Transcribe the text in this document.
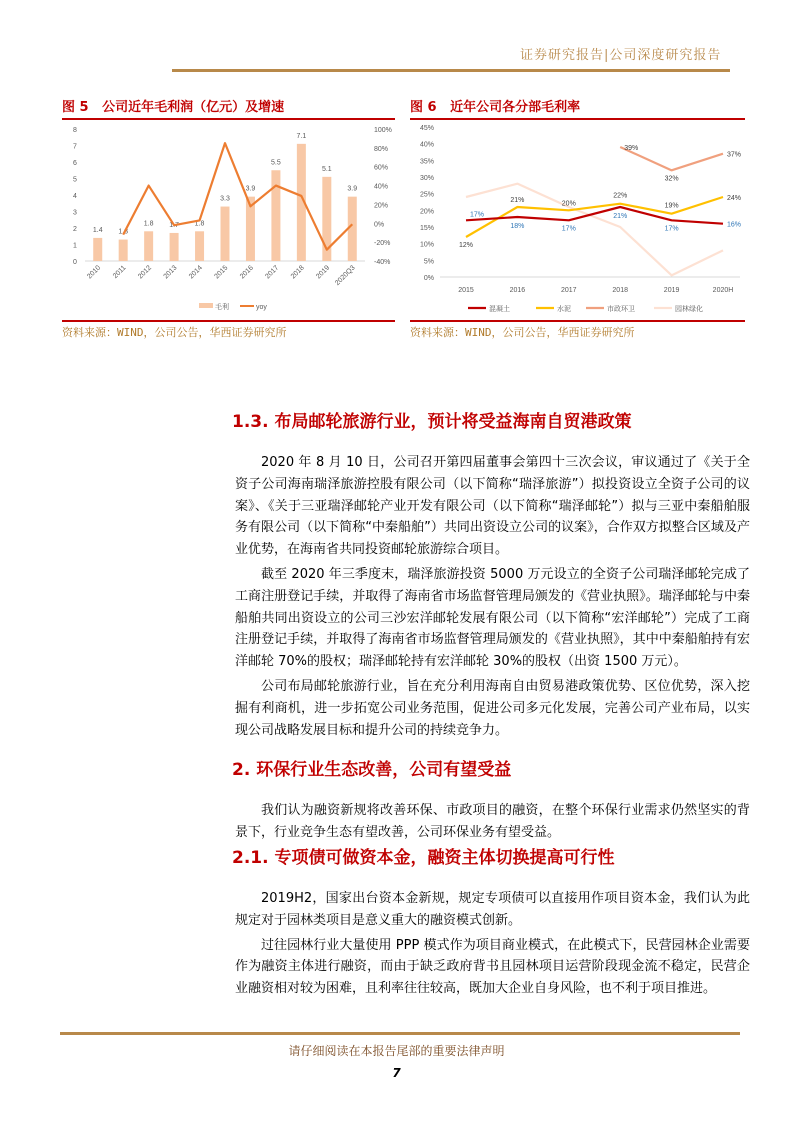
证券研究报告|公司深度研究报告
图 5 公司近年毛利润（亿元）及增速
0
1
2
3
4
5
6
7
8
-40%
-20%
0%
20%
40%
60%
80%
100%
1.4 1.3
1.8 1.7 1.8
3.3
3.9
5.5
7.1
5.1
3.9
2010 2011 2012 2013 2014 2015 2016 2017 2018 2019 2020Q3
毛利	yoy
资料来源：WIND，公司公告，华西证券研究所
图 6 近年公司各分部毛利率
0%
5%
10%
15%
20%
25%
30%
35%
40%
45%
2015	2016	2017	2018	2019	2020H
17%
18%	17%
21%
17%
16%
12%
21%	20%
22%
19%
24%
39%
32%
37%
混凝土	水泥	市政环卫	园林绿化
资料来源：WIND，公司公告，华西证券研究所
1.3. 布局邮轮旅游行业，预计将受益海南自贸港政策

2020 年 8 月 10 日，公司召开第四届董事会第四十三次会议，审议通过了《关于全资子公司海南瑞泽旅游控股有限公司（以下简称“瑞泽旅游”）拟投资设立全资子公司的议案》、《关于三亚瑞泽邮轮产业开发有限公司（以下简称“瑞泽邮轮”）拟与三亚中秦船舶服务有限公司（以下简称“中秦船舶”）共同出资设立公司的议案》，合作双方拟整合区域及产业优势，在海南省共同投资邮轮旅游综合项目。

截至 2020 年三季度末，瑞泽旅游投资 5000 万元设立的全资子公司瑞泽邮轮完成了工商注册登记手续，并取得了海南省市场监督管理局颁发的《营业执照》。瑞泽邮轮与中秦船舶共同出资设立的公司三沙宏洋邮轮发展有限公司（以下简称“宏洋邮轮”）完成了工商注册登记手续，并取得了海南省市场监督管理局颁发的《营业执照》，其中中秦船舶持有宏洋邮轮 70%的股权；瑞泽邮轮持有宏洋邮轮 30%的股权（出资 1500 万元）。

公司布局邮轮旅游行业，旨在充分利用海南自由贸易港政策优势、区位优势，深入挖掘有利商机，进一步拓宽公司业务范围，促进公司多元化发展，完善公司产业布局，以实现公司战略发展目标和提升公司的持续竞争力。

2. 环保行业生态改善，公司有望受益

我们认为融资新规将改善环保、市政项目的融资，在整个环保行业需求仍然坚实的背景下，行业竞争生态有望改善，公司环保业务有望受益。

2.1. 专项债可做资本金，融资主体切换提高可行性

2019H2，国家出台资本金新规，规定专项债可以直接用作项目资本金，我们认为此规定对于园林类项目是意义重大的融资模式创新。

过往园林行业大量使用 PPP 模式作为项目商业模式，在此模式下，民营园林企业需要作为融资主体进行融资，而由于缺乏政府背书且园林项目运营阶段现金流不稳定，民营企业融资相对较为困难，且利率往往较高，既加大企业自身风险，也不利于项目推进。

请仔细阅读在本报告尾部的重要法律声明
7
